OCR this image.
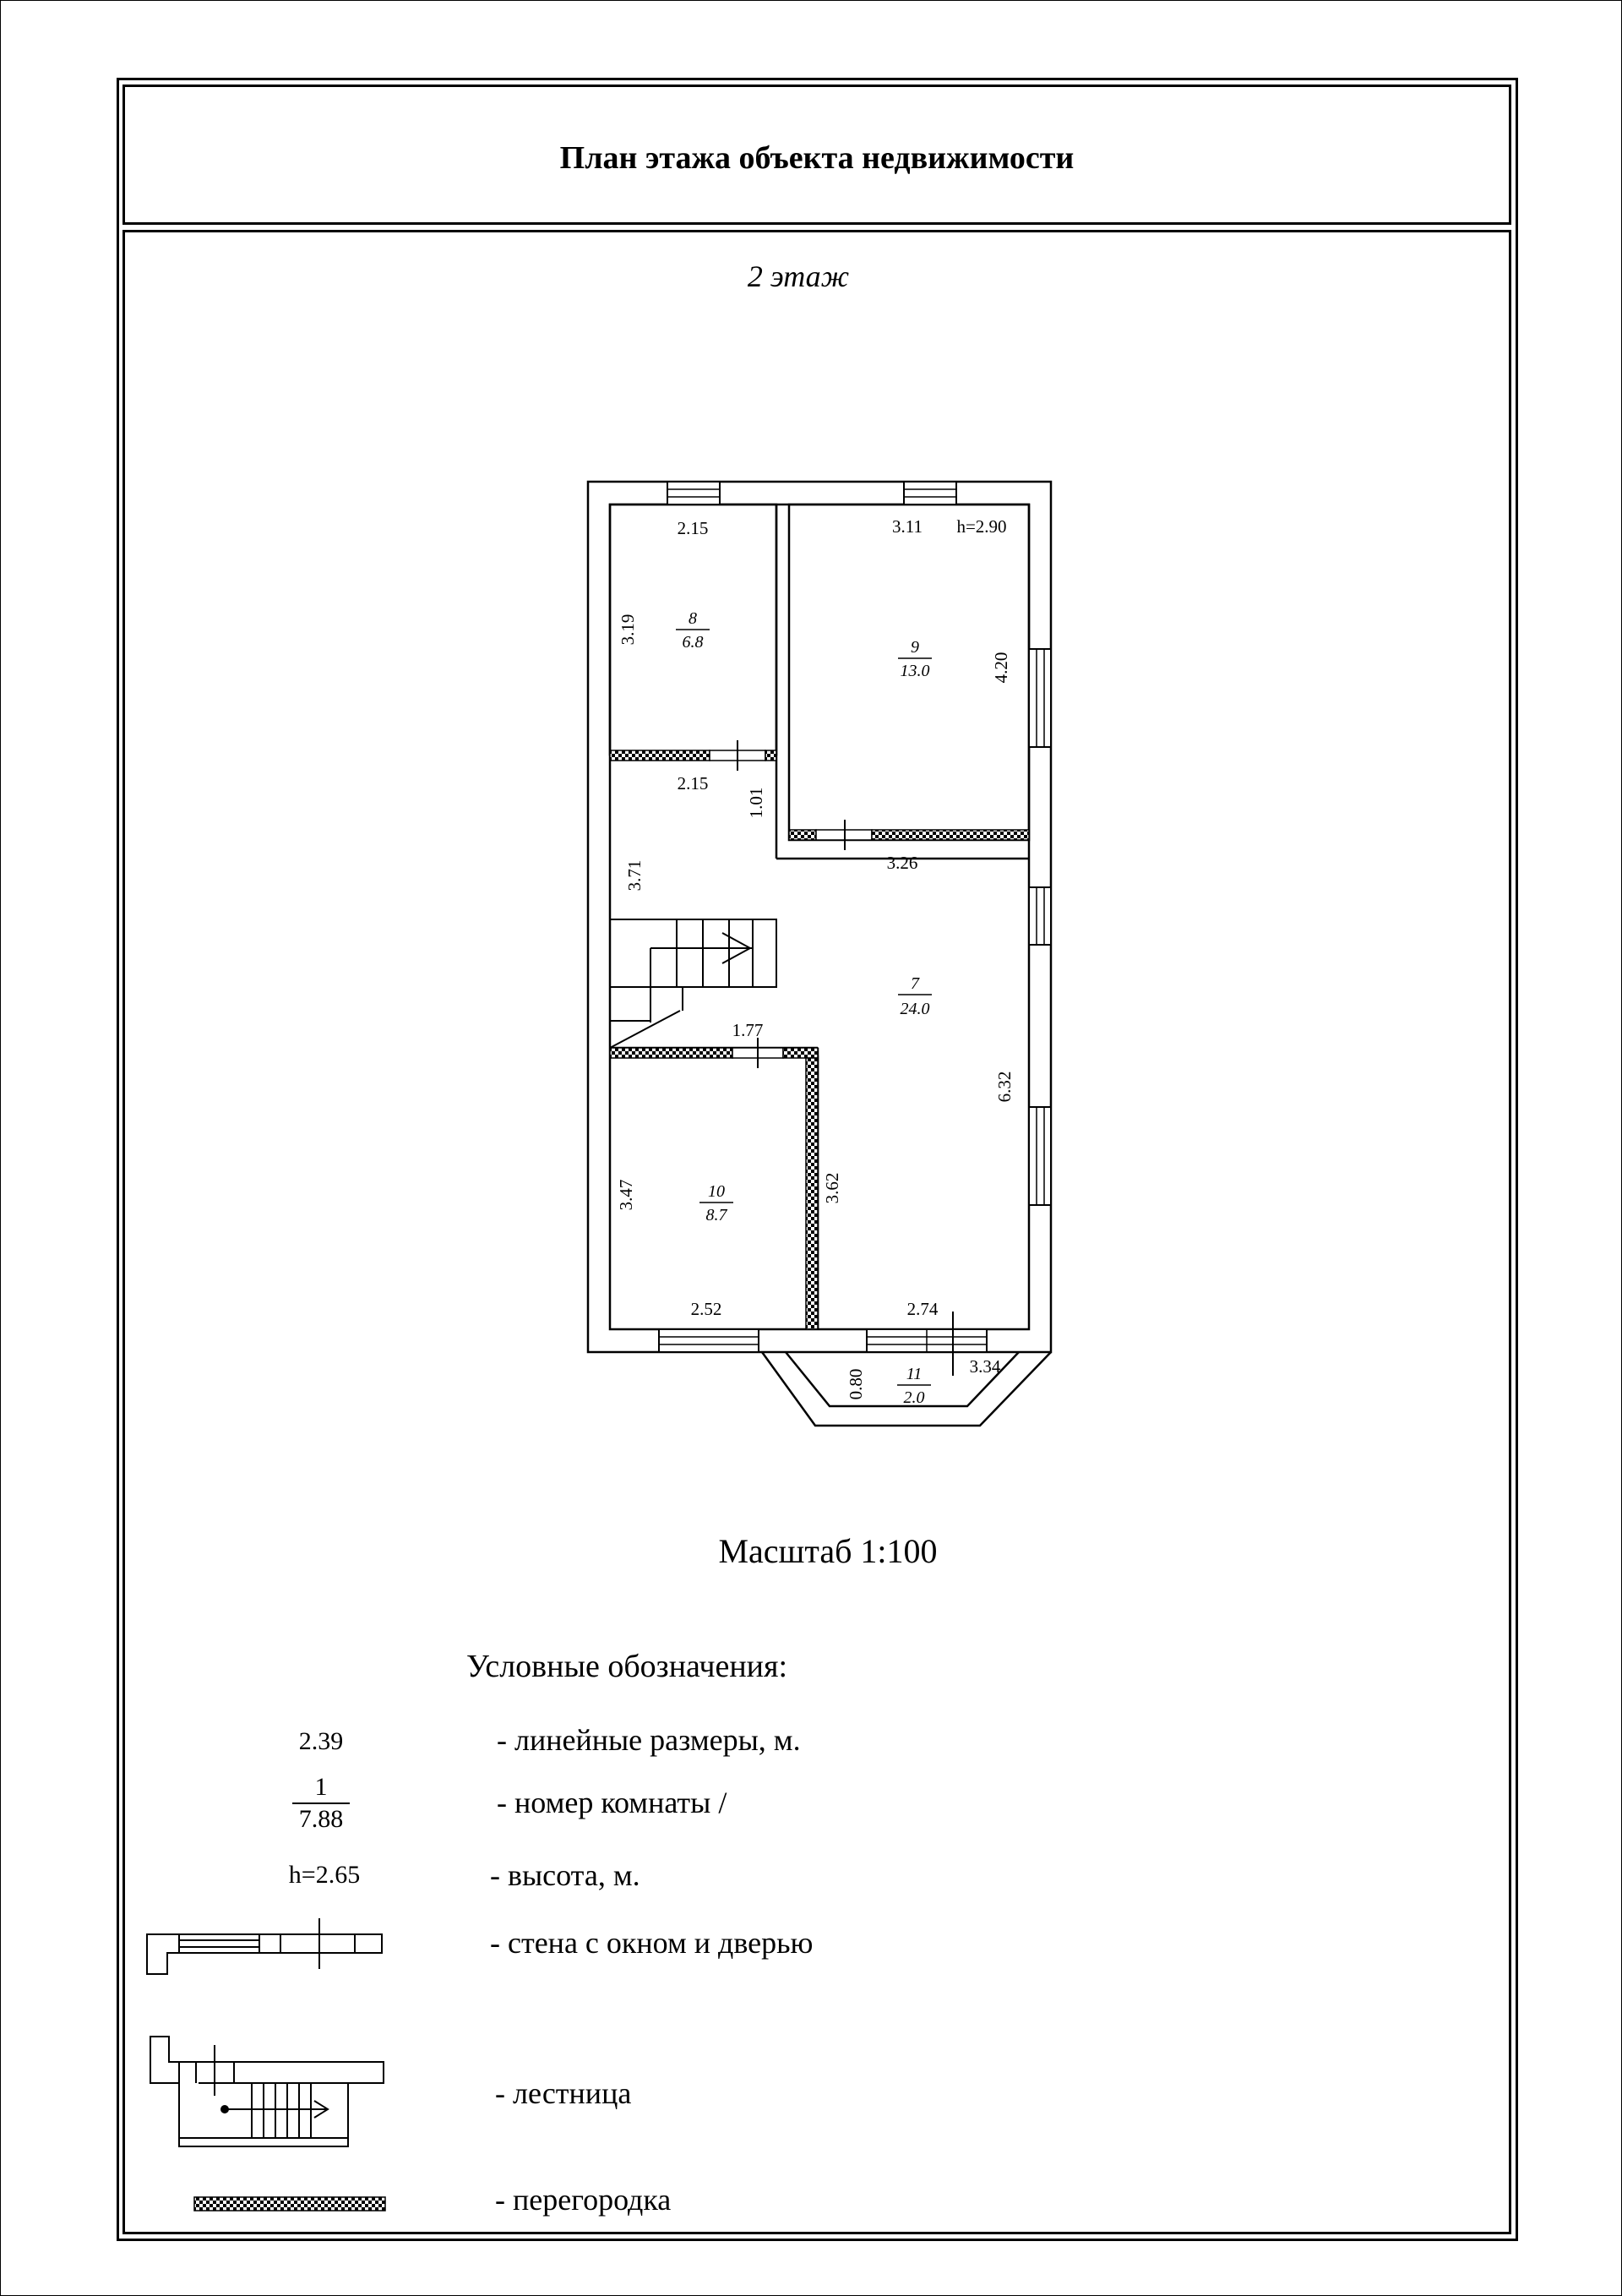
План этажа объекта недвижимости
2 этаж
8
6.8	9
13.0
7
24.0
10
8.7
11
2.0
2.15
2.15
3.11 h=2.90
3.26
1.77
2.52	2.74
3.34
3.19
4.20
1.01
3.71
6.32
3.62
3.47
0.80
Масштаб 1:100
Условные обозначения:
2.39	- линейные размеры, м.
1
7.88	- номер комнаты /
h=2.65	- высота, м.
- стена с окном и дверью
- лестница
- перегородка
